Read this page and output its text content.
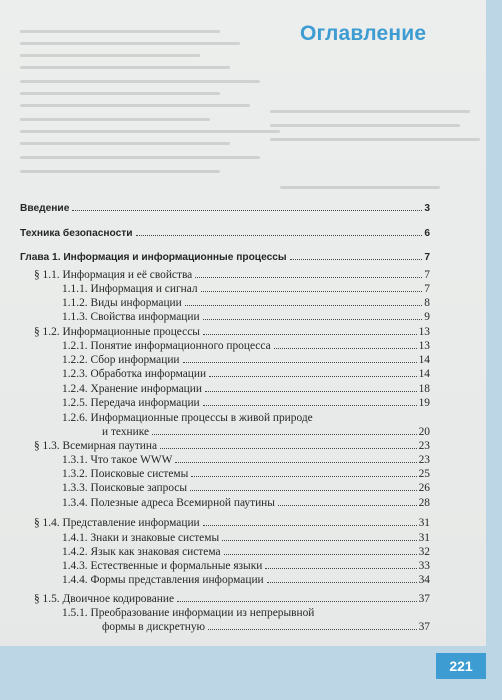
Оглавление
Введение	3
Техника безопасности	6
Глава 1. Информация и информационные процессы	7
§ 1.1. Информация и её свойства	7
1.1.1. Информация и сигнал	7
1.1.2. Виды информации	8
1.1.3. Свойства информации	9
§ 1.2. Информационные процессы	13
1.2.1. Понятие информационного процесса	13
1.2.2. Сбор информации	14
1.2.3. Обработка информации	14
1.2.4. Хранение информации	18
1.2.5. Передача информации	19
1.2.6. Информационные процессы в живой природе
и технике	20
§ 1.3. Всемирная паутина	23
1.3.1. Что такое WWW	23
1.3.2. Поисковые системы	25
1.3.3. Поисковые запросы	26
1.3.4. Полезные адреса Всемирной паутины	28
§ 1.4. Представление информации	31
1.4.1. Знаки и знаковые системы	31
1.4.2. Язык как знаковая система	32
1.4.3. Естественные и формальные языки	33
1.4.4. Формы представления информации	34
§ 1.5. Двоичное кодирование	37
1.5.1. Преобразование информации из непрерывной
формы в дискретную	37
221
